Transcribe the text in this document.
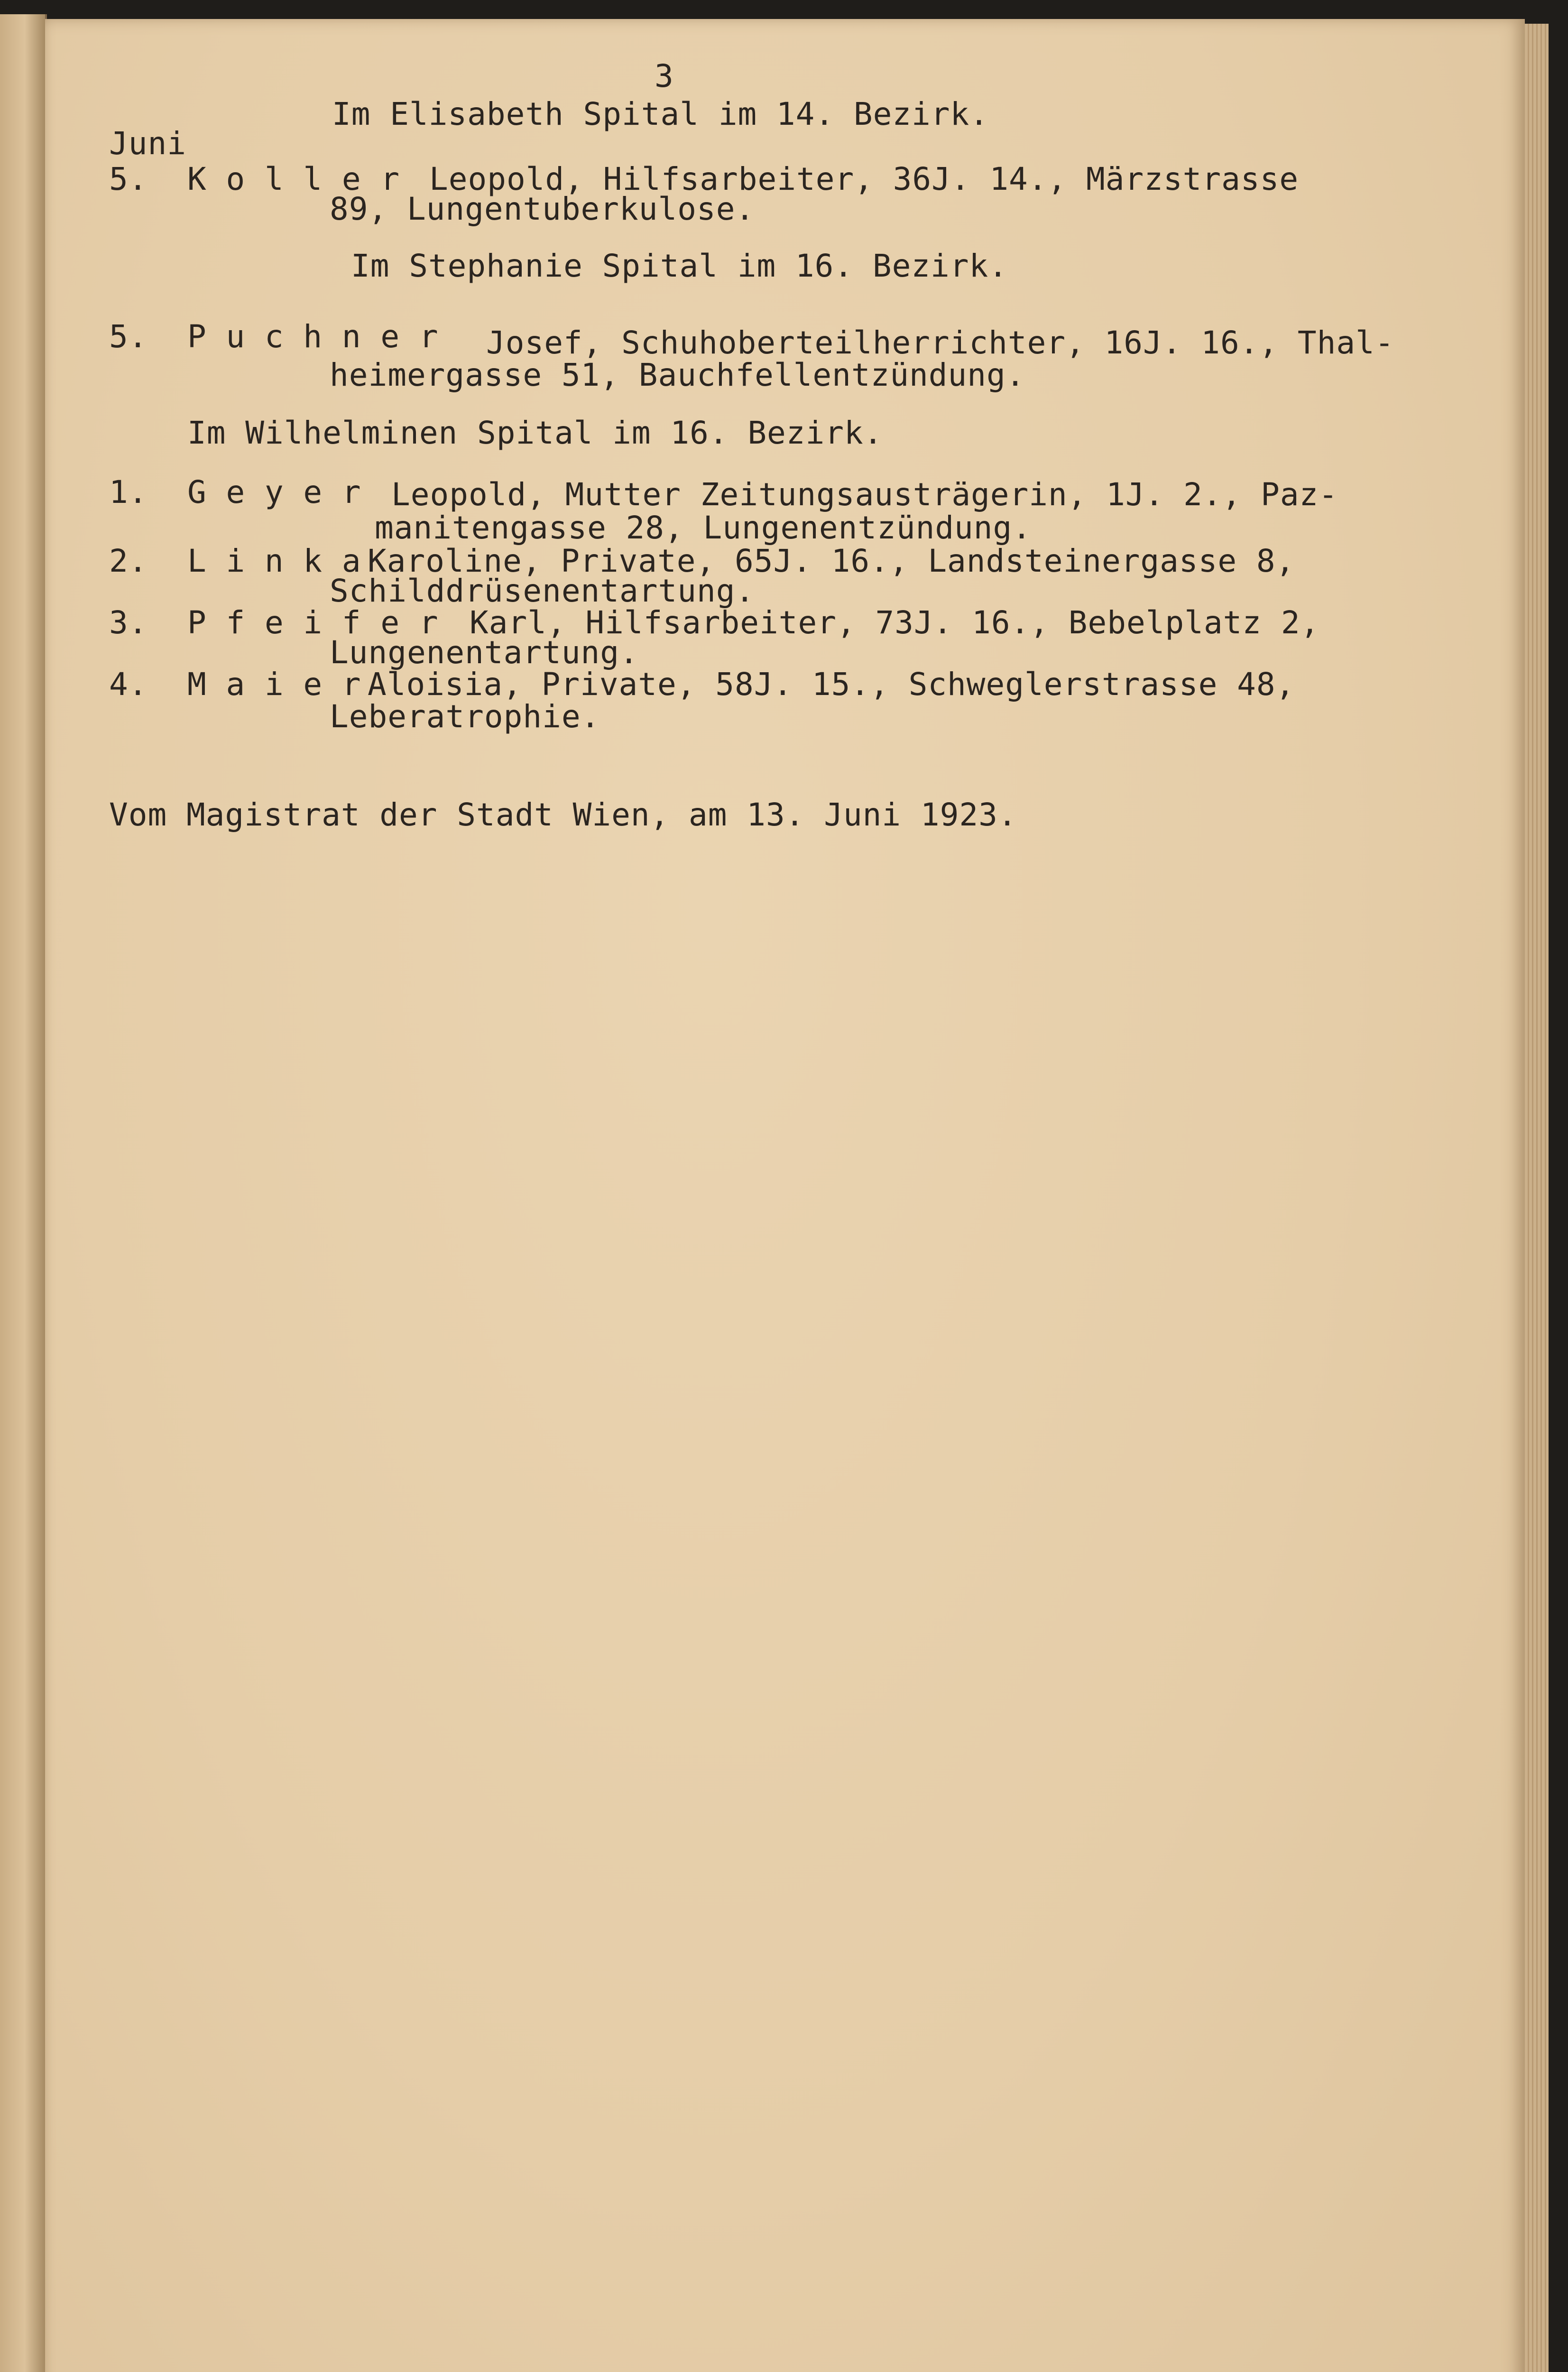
3
Im Elisabeth Spital im 14. Bezirk.
Juni
5. K o l l e r Leopold, Hilfsarbeiter, 36J. 14., Märzstrasse
89, Lungentuberkulose.
Im Stephanie Spital im 16. Bezirk.
5. P u c h n e r Josef, Schuhoberteilherrichter, 16J. 16., Thal-
heimergasse 51, Bauchfellentzündung.
Im Wilhelminen Spital im 16. Bezirk.
1. G e y e r Leopold, Mutter Zeitungsausträgerin, 1J. 2., Paz-
manitengasse 28, Lungenentzündung.
2. L i n k a Karoline, Private, 65J. 16., Landsteinergasse 8,
Schilddrüsenentartung.
3. P f e i f e r Karl, Hilfsarbeiter, 73J. 16., Bebelplatz 2,
Lungenentartung.
4. M a i e r Aloisia, Private, 58J. 15., Schweglerstrasse 48,
Leberatrophie.
Vom Magistrat der Stadt Wien, am 13. Juni 1923.
